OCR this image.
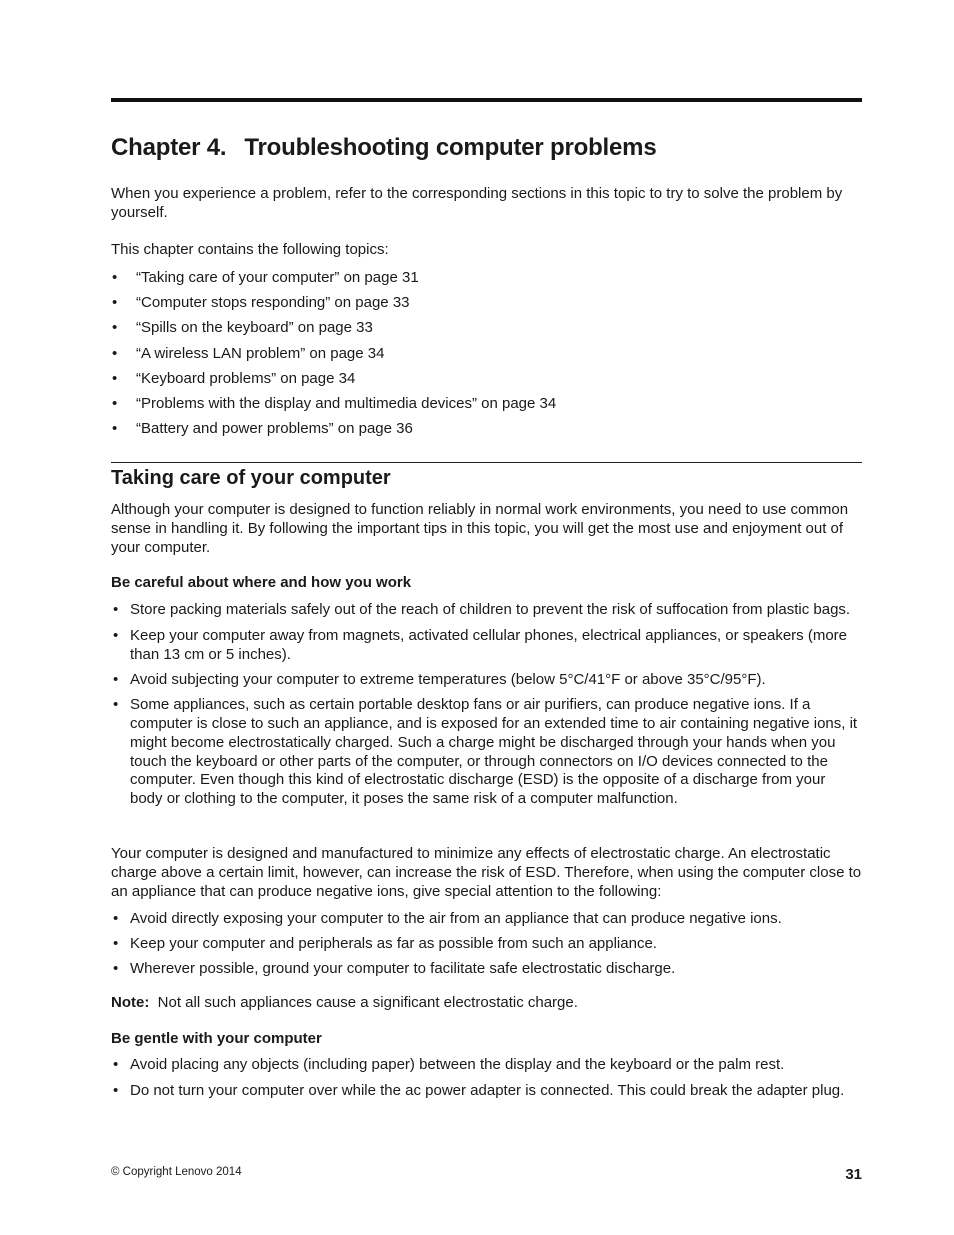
Chapter 4. Troubleshooting computer problems

When you experience a problem, refer to the corresponding sections in this topic to try to solve the problem by yourself.

This chapter contains the following topics:

• “Taking care of your computer” on page 31
• “Computer stops responding” on page 33
• “Spills on the keyboard” on page 33
• “A wireless LAN problem” on page 34
• “Keyboard problems” on page 34
• “Problems with the display and multimedia devices” on page 34
• “Battery and power problems” on page 36
Taking care of your computer

Although your computer is designed to function reliably in normal work environments, you need to use common sense in handling it. By following the important tips in this topic, you will get the most use and enjoyment out of your computer.

Be careful about where and how you work

• Store packing materials safely out of the reach of children to prevent the risk of suffocation from plastic bags.
• Keep your computer away from magnets, activated cellular phones, electrical appliances, or speakers (more than 13 cm or 5 inches).
• Avoid subjecting your computer to extreme temperatures (below 5°C/41°F or above 35°C/95°F).
• Some appliances, such as certain portable desktop fans or air purifiers, can produce negative ions. If a computer is close to such an appliance, and is exposed for an extended time to air containing negative ions, it might become electrostatically charged. Such a charge might be discharged through your hands when you touch the keyboard or other parts of the computer, or through connectors on I/O devices connected to the computer. Even though this kind of electrostatic discharge (ESD) is the opposite of a discharge from your body or clothing to the computer, it poses the same risk of a computer malfunction.

Your computer is designed and manufactured to minimize any effects of electrostatic charge. An electrostatic charge above a certain limit, however, can increase the risk of ESD. Therefore, when using the computer close to an appliance that can produce negative ions, give special attention to the following:

• Avoid directly exposing your computer to the air from an appliance that can produce negative ions.
• Keep your computer and peripherals as far as possible from such an appliance.
• Wherever possible, ground your computer to facilitate safe electrostatic discharge.

Note: Not all such appliances cause a significant electrostatic charge.

Be gentle with your computer

• Avoid placing any objects (including paper) between the display and the keyboard or the palm rest.
• Do not turn your computer over while the ac power adapter is connected. This could break the adapter plug.
© Copyright Lenovo 2014	31
